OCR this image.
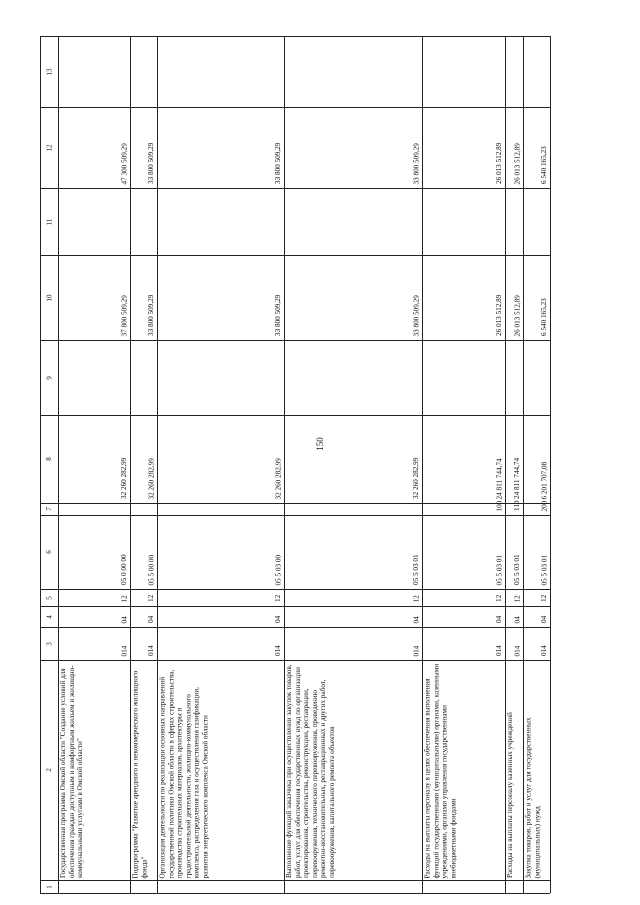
150
1
2
3
4
5
6
7
8
9
10
11
12
13
Государственная программа Омской области "Создание условий для обеспечения граждан доступным и комфортным жильем и жилищно-коммунальными услугами в Омской области"
014
04
12
05 0 00 00
32 260 282,99
37 800 509,29
47 300 509,29
Подпрограмма "Развитие арендного и некоммерческого жилищного фонда"
014
04
12
05 5 00 00
32 260 282,99
33 800 509,29
33 800 509,29
Организация деятельности по реализации основных направлений государственной политики Омской области в сферах строительства, производства строительных материалов, архитектуры и градостроительной деятельности, жилищно-коммунального комплекса, распределения газа и осуществления газификации, развития энергетического комплекса Омской области
014
04
12
05 5 03 00
32 260 282,99
33 800 509,29
33 800 509,29
Выполнение функций заказчика при осуществлении закупок товаров, работ, услуг для обеспечения государственных нужд по организации проектирования, строительства, реконструкции, реставрации, перевооружения, технического перевооружения, проведению ремонтно-восстановительных, реставрационных и других работ, перевооружения, капитального ремонта объектов
014
04
12
05 5 03 01
32 260 282,99
33 800 509,29
33 800 509,29
Расходы на выплаты персоналу в целях обеспечения выполнения функций государственными (муниципальными) органами, казенными учреждениями, органами управления государственными внебюджетными фондами
014
04
12
05 5 03 01
100
24 811 744,74
26 013 512,89
26 013 512,89
Расходы на выплаты персоналу казенных учреждений
014
04
12
05 5 03 01
110
24 811 744,74
26 013 512,89
26 013 512,89
Закупка товаров, работ и услуг для государственных (муниципальных) нужд
014
04
12
05 5 03 01
200
6 201 707,08
6 540 165,23
6 540 165,23
